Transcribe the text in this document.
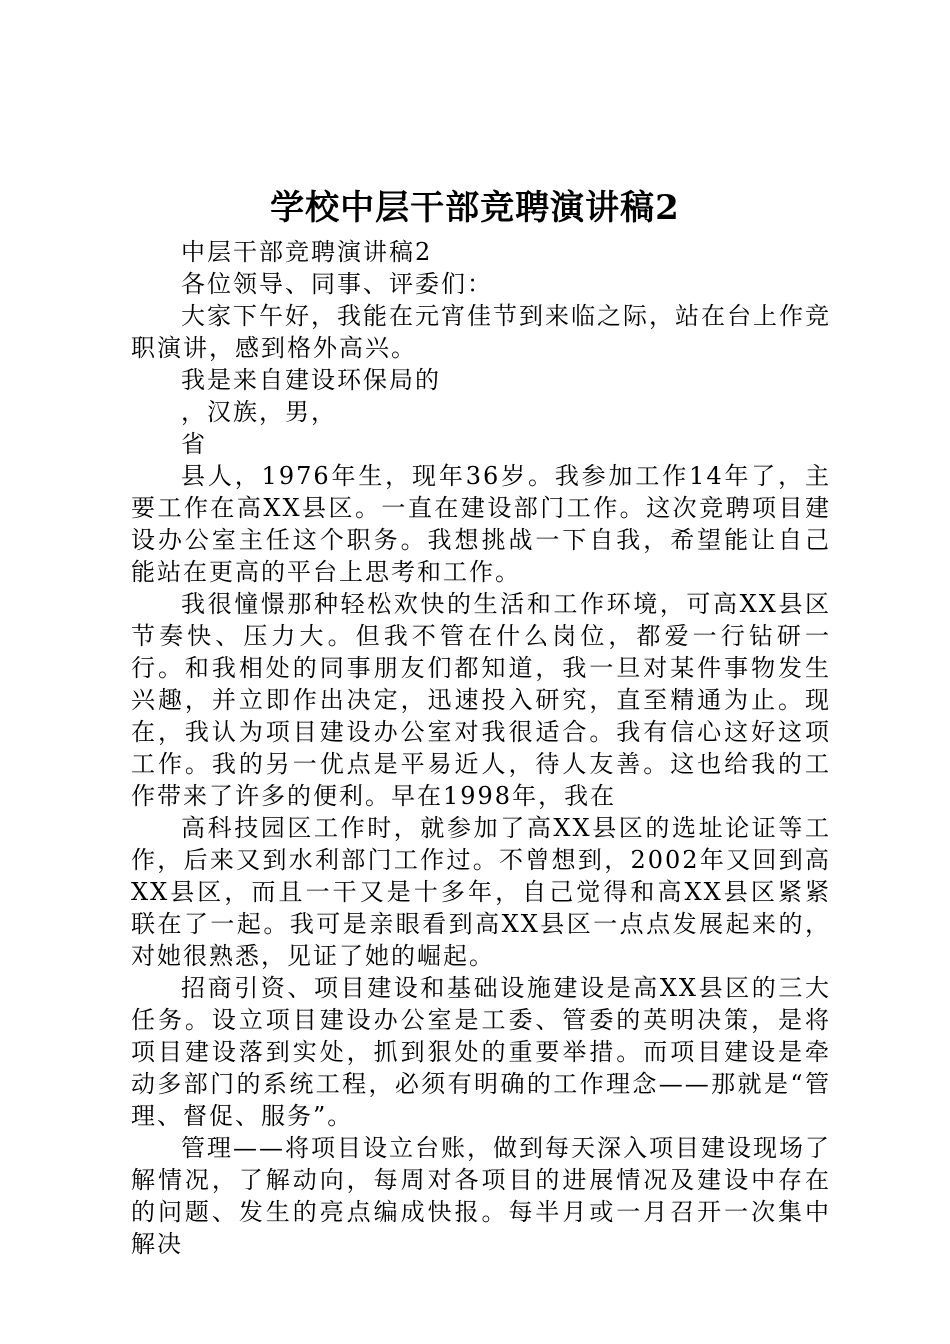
学校中层干部竞聘演讲稿2

中层干部竞聘演讲稿2

各位领导、同事、评委们：

大家下午好，我能在元宵佳节到来临之际，站在台上作竞职演讲，感到格外高兴。

我是来自建设环保局的

，汉族，男，

省

县人，1976年生，现年36岁。我参加工作14年了，主要工作在高XX县区。一直在建设部门工作。这次竞聘项目建设办公室主任这个职务。我想挑战一下自我，希望能让自己能站在更高的平台上思考和工作。

我很憧憬那种轻松欢快的生活和工作环境，可高XX县区节奏快、压力大。但我不管在什么岗位，都爱一行钻研一行。和我相处的同事朋友们都知道，我一旦对某件事物发生兴趣，并立即作出决定，迅速投入研究，直至精通为止。现在，我认为项目建设办公室对我很适合。我有信心这好这项工作。我的另一优点是平易近人，待人友善。这也给我的工作带来了许多的便利。早在1998年，我在

高科技园区工作时，就参加了高XX县区的选址论证等工作，后来又到水利部门工作过。不曾想到，2002年又回到高XX县区，而且一干又是十多年，自己觉得和高XX县区紧紧联在了一起。我可是亲眼看到高XX县区一点点发展起来的，对她很熟悉，见证了她的崛起。

招商引资、项目建设和基础设施建设是高XX县区的三大任务。设立项目建设办公室是工委、管委的英明决策，是将项目建设落到实处，抓到狠处的重要举措。而项目建设是牵动多部门的系统工程，必须有明确的工作理念——那就是“管理、督促、服务”。

管理——将项目设立台账，做到每天深入项目建设现场了解情况，了解动向，每周对各项目的进展情况及建设中存在的问题、发生的亮点编成快报。每半月或一月召开一次集中解决
